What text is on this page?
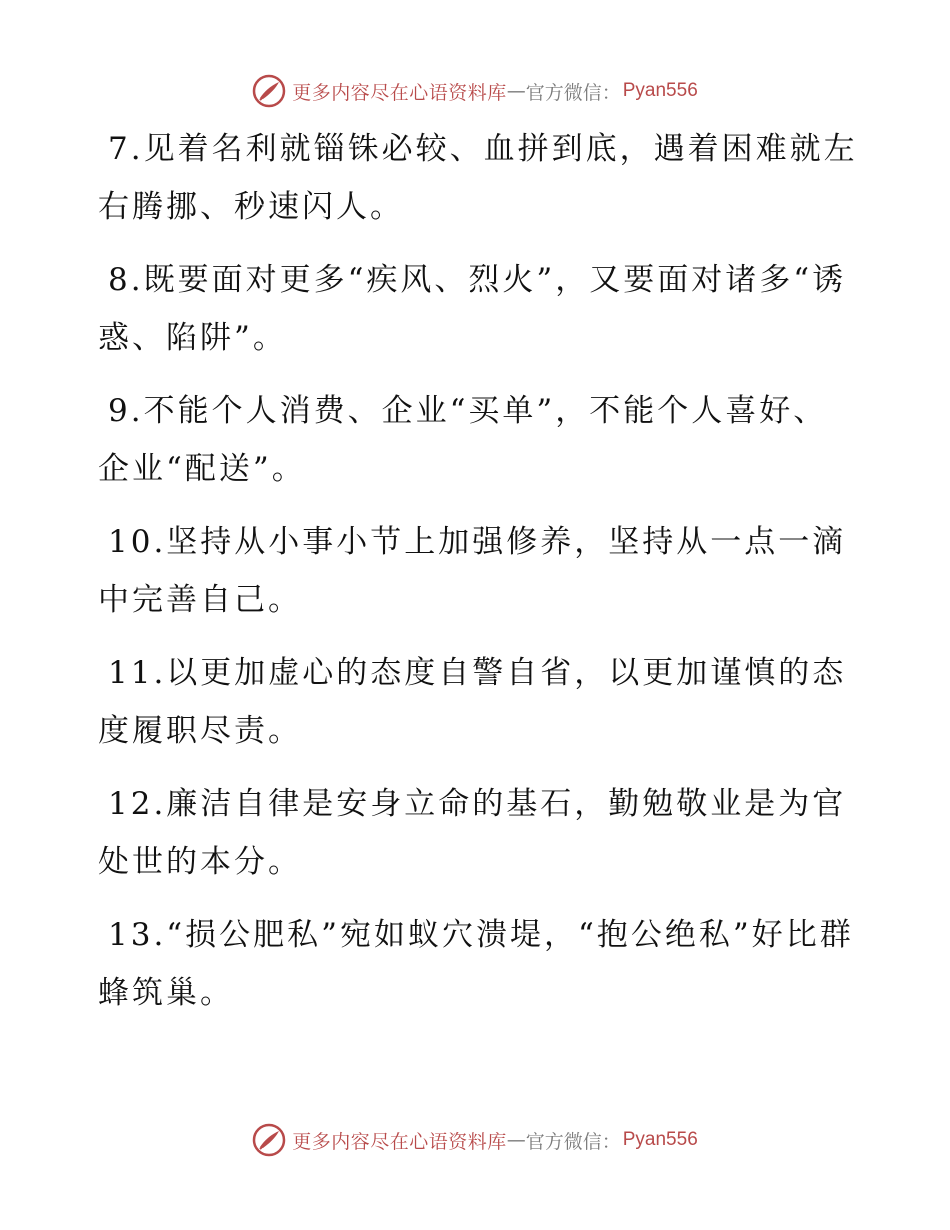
更多内容尽在心语资料库 — 官方微信： Pyan556

7.见着名利就锱铢必较、血拼到底，遇着困难就左右腾挪、秒速闪人。

8.既要面对更多“疾风、烈火”，又要面对诸多“诱惑、陷阱”。

9.不能个人消费、企业“买单”，不能个人喜好、企业“配送”。

10.坚持从小事小节上加强修养，坚持从一点一滴中完善自己。

11.以更加虚心的态度自警自省，以更加谨慎的态度履职尽责。

12.廉洁自律是安身立命的基石，勤勉敬业是为官处世的本分。

13.“损公肥私”宛如蚁穴溃堤，“抱公绝私”好比群蜂筑巢。

更多内容尽在心语资料库 — 官方微信： Pyan556
